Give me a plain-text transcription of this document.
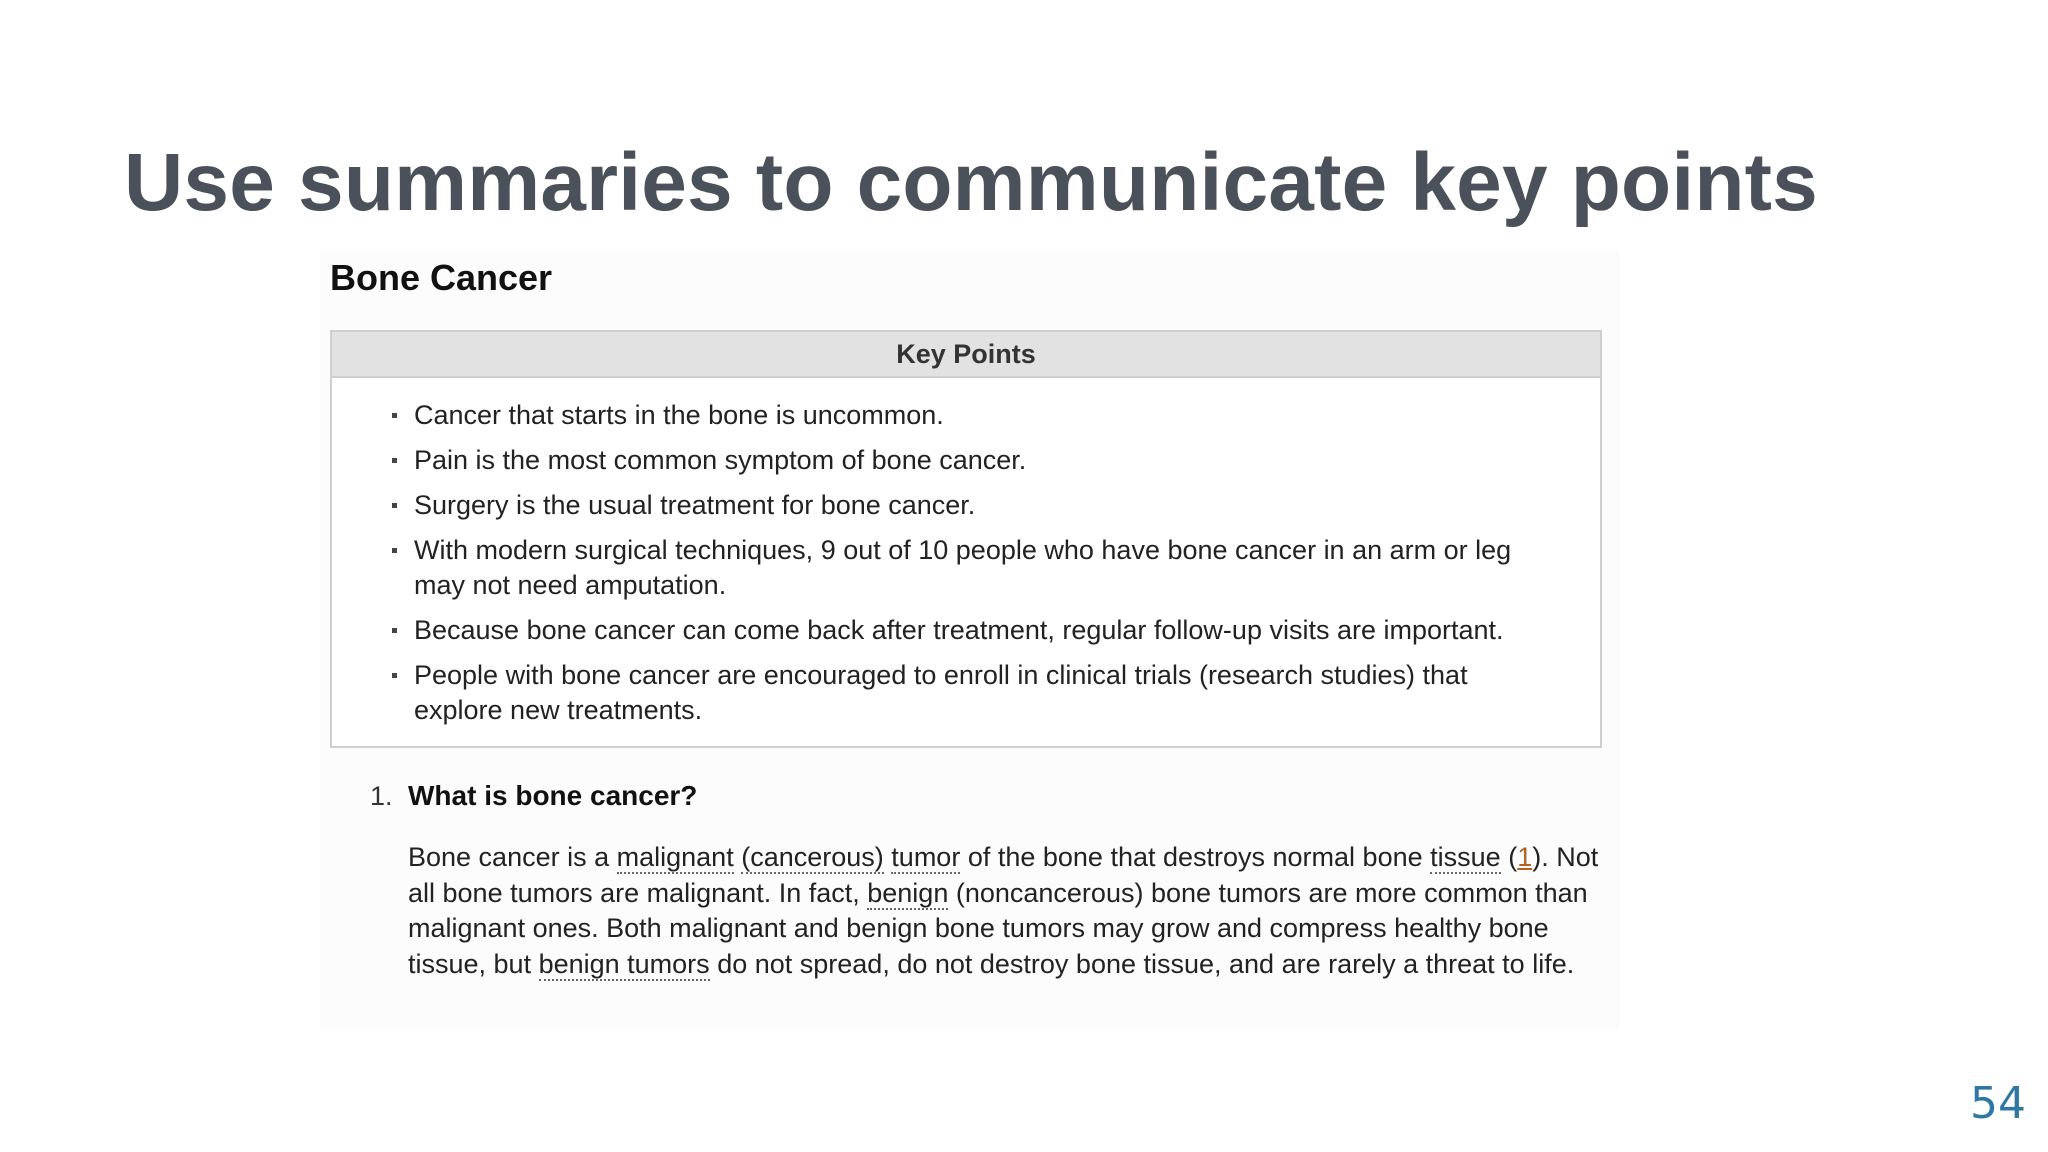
Use summaries to communicate key points
Bone Cancer
Key Points
Cancer that starts in the bone is uncommon.
Pain is the most common symptom of bone cancer.
Surgery is the usual treatment for bone cancer.
With modern surgical techniques, 9 out of 10 people who have bone cancer in an arm or leg may not need amputation.
Because bone cancer can come back after treatment, regular follow-up visits are important.
People with bone cancer are encouraged to enroll in clinical trials (research studies) that explore new treatments.
1. What is bone cancer?

Bone cancer is a malignant (cancerous) tumor of the bone that destroys normal bone tissue (1). Not all bone tumors are malignant. In fact, benign (noncancerous) bone tumors are more common than malignant ones. Both malignant and benign bone tumors may grow and compress healthy bone tissue, but benign tumors do not spread, do not destroy bone tissue, and are rarely a threat to life.

54
